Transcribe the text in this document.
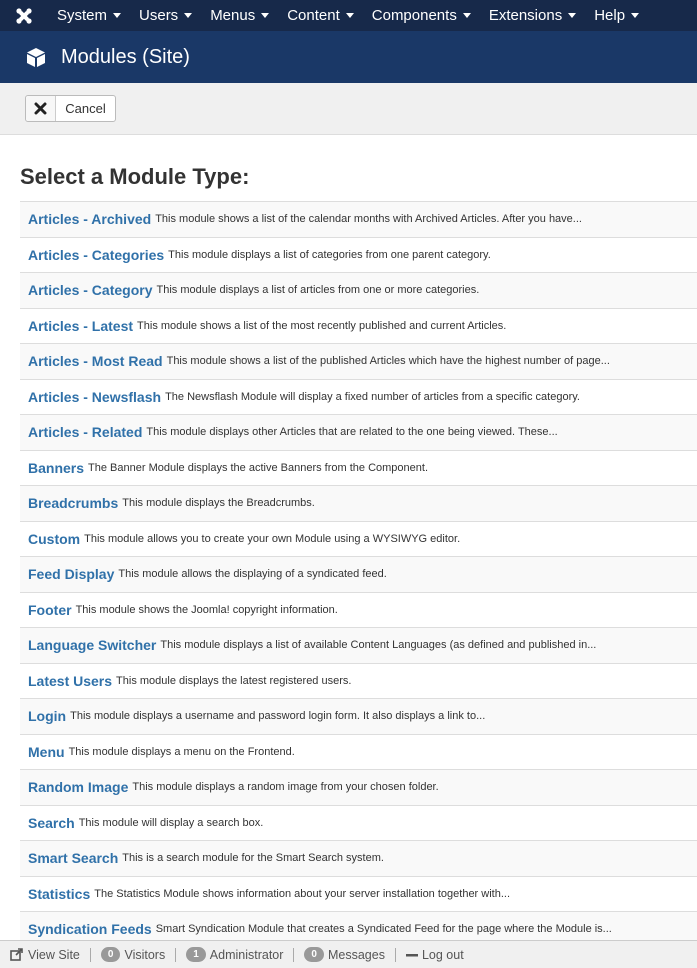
System Users Menus Content Components Extensions Help
Modules (Site)
Cancel
Select a Module Type:
Articles - Archived This module shows a list of the calendar months with Archived Articles. After you have...
Articles - Categories This module displays a list of categories from one parent category.
Articles - Category This module displays a list of articles from one or more categories.
Articles - Latest This module shows a list of the most recently published and current Articles.
Articles - Most Read This module shows a list of the published Articles which have the highest number of page...
Articles - Newsflash The Newsflash Module will display a fixed number of articles from a specific category.
Articles - Related This module displays other Articles that are related to the one being viewed. These...
Banners The Banner Module displays the active Banners from the Component.
Breadcrumbs This module displays the Breadcrumbs.
Custom This module allows you to create your own Module using a WYSIWYG editor.
Feed Display This module allows the displaying of a syndicated feed.
Footer This module shows the Joomla! copyright information.
Language Switcher This module displays a list of available Content Languages (as defined and published in...
Latest Users This module displays the latest registered users.
Login This module displays a username and password login form. It also displays a link to...
Menu This module displays a menu on the Frontend.
Random Image This module displays a random image from your chosen folder.
Search This module will display a search box.
Smart Search This is a search module for the Smart Search system.
Statistics The Statistics Module shows information about your server installation together with...
Syndication Feeds Smart Syndication Module that creates a Syndicated Feed for the page where the Module is...
View Site	0 Visitors	1 Administrator	0 Messages	Log out
